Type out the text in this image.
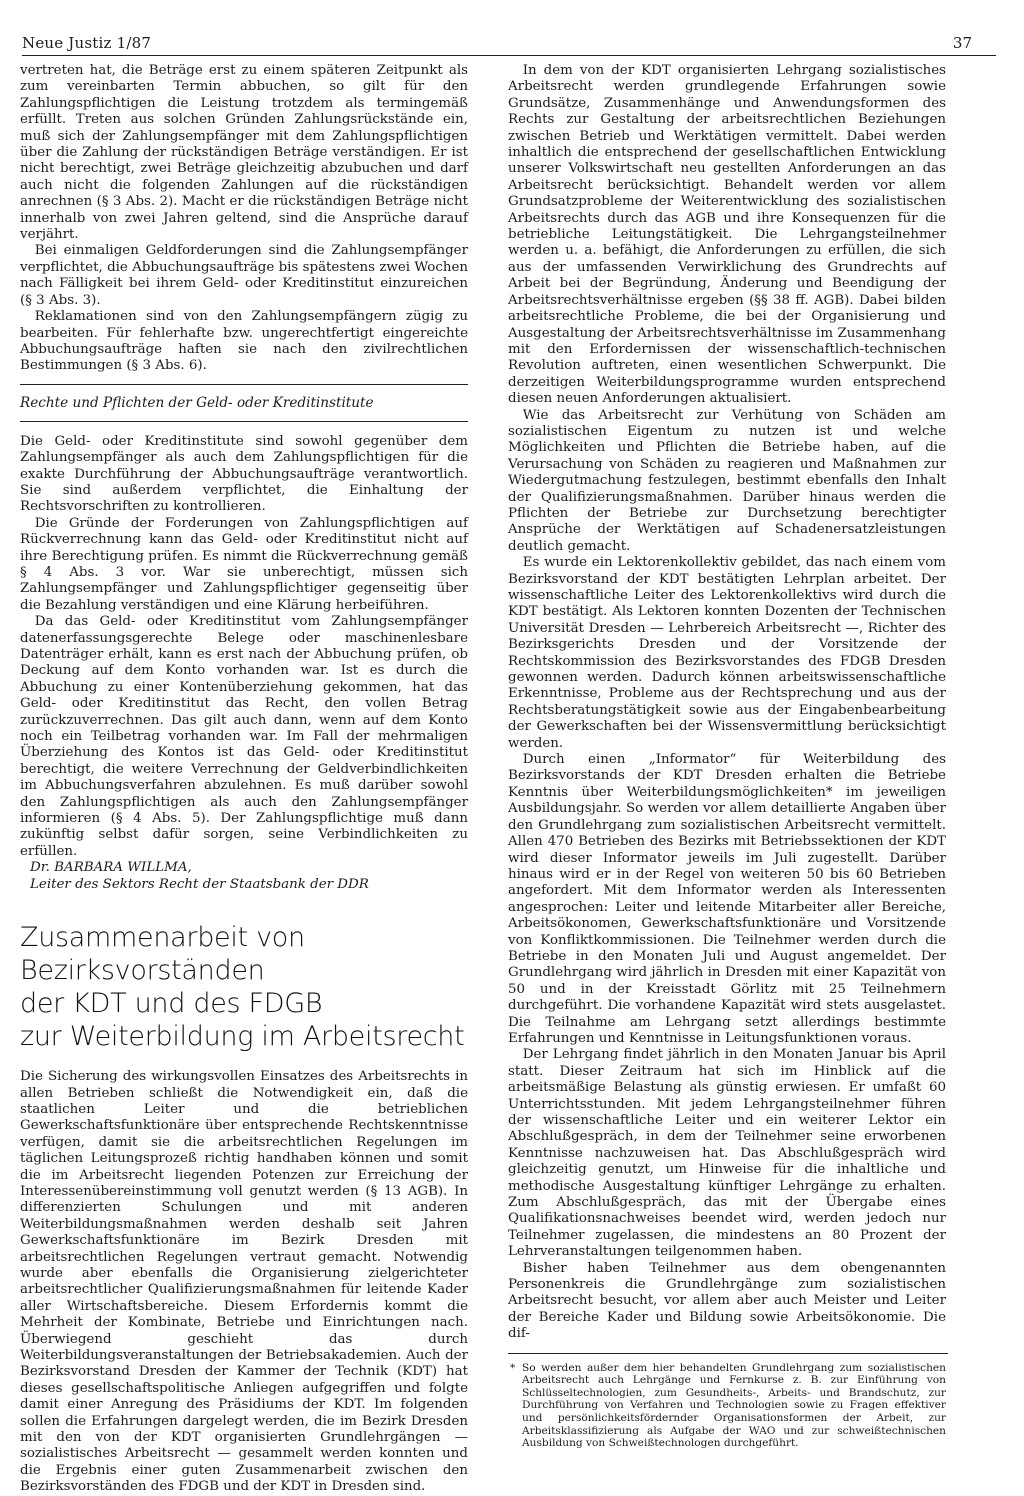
Neue Justiz 1/87	37

vertreten hat, die Beträge erst zu einem späteren Zeitpunkt als zum vereinbarten Termin abbuchen, so gilt für den Zahlungspflichtigen die Leistung trotzdem als termingemäß erfüllt. Treten aus solchen Gründen Zahlungsrückstände ein, muß sich der Zahlungsempfänger mit dem Zahlungspflichtigen über die Zahlung der rückständigen Beträge verständigen. Er ist nicht berechtigt, zwei Beträge gleichzeitig abzubuchen und darf auch nicht die folgenden Zahlungen auf die rückständigen anrechnen (§ 3 Abs. 2). Macht er die rückständigen Beträge nicht innerhalb von zwei Jahren geltend, sind die Ansprüche darauf verjährt.

Bei einmaligen Geldforderungen sind die Zahlungsempfänger verpflichtet, die Abbuchungsaufträge bis spätestens zwei Wochen nach Fälligkeit bei ihrem Geld- oder Kreditinstitut einzureichen (§ 3 Abs. 3).

Reklamationen sind von den Zahlungsempfängern zügig zu bearbeiten. Für fehlerhafte bzw. ungerechtfertigt eingereichte Abbuchungsaufträge haften sie nach den zivilrechtlichen Bestimmungen (§ 3 Abs. 6).

Rechte und Pflichten der Geld- oder Kreditinstitute

Die Geld- oder Kreditinstitute sind sowohl gegenüber dem Zahlungsempfänger als auch dem Zahlungspflichtigen für die exakte Durchführung der Abbuchungsaufträge verantwortlich. Sie sind außerdem verpflichtet, die Einhaltung der Rechtsvorschriften zu kontrollieren.

Die Gründe der Forderungen von Zahlungspflichtigen auf Rückverrechnung kann das Geld- oder Kreditinstitut nicht auf ihre Berechtigung prüfen. Es nimmt die Rückverrechnung gemäß § 4 Abs. 3 vor. War sie unberechtigt, müssen sich Zahlungsempfänger und Zahlungspflichtiger gegenseitig über die Bezahlung verständigen und eine Klärung herbeiführen.

Da das Geld- oder Kreditinstitut vom Zahlungsempfänger datenerfassungsgerechte Belege oder maschinenlesbare Datenträger erhält, kann es erst nach der Abbuchung prüfen, ob Deckung auf dem Konto vorhanden war. Ist es durch die Abbuchung zu einer Kontenüberziehung gekommen, hat das Geld- oder Kreditinstitut das Recht, den vollen Betrag zurückzuverrechnen. Das gilt auch dann, wenn auf dem Konto noch ein Teilbetrag vorhanden war. Im Fall der mehrmaligen Überziehung des Kontos ist das Geld- oder Kreditinstitut berechtigt, die weitere Verrechnung der Geldverbindlichkeiten im Abbuchungsverfahren abzulehnen. Es muß darüber sowohl den Zahlungspflichtigen als auch den Zahlungsempfänger informieren (§ 4 Abs. 5). Der Zahlungspflichtige muß dann zukünftig selbst dafür sorgen, seine Verbindlichkeiten zu erfüllen.

Dr. BARBARA WILLMA,
Leiter des Sektors Recht der Staatsbank der DDR
Zusammenarbeit von Bezirksvorständen
der KDT und des FDGB
zur Weiterbildung im Arbeitsrecht

Die Sicherung des wirkungsvollen Einsatzes des Arbeitsrechts in allen Betrieben schließt die Notwendigkeit ein, daß die staatlichen Leiter und die betrieblichen Gewerkschaftsfunktionäre über entsprechende Rechtskenntnisse verfügen, damit sie die arbeitsrechtlichen Regelungen im täglichen Leitungsprozeß richtig handhaben können und somit die im Arbeitsrecht liegenden Potenzen zur Erreichung der Interessenübereinstimmung voll genutzt werden (§ 13 AGB). In differenzierten Schulungen und mit anderen Weiterbildungsmaßnahmen werden deshalb seit Jahren Gewerkschaftsfunktionäre im Bezirk Dresden mit arbeitsrechtlichen Regelungen vertraut gemacht. Notwendig wurde aber ebenfalls die Organisierung zielgerichteter arbeitsrechtlicher Qualifizierungsmaßnahmen für leitende Kader aller Wirtschaftsbereiche. Diesem Erfordernis kommt die Mehrheit der Kombinate, Betriebe und Einrichtungen nach. Überwiegend geschieht das durch Weiterbildungsveranstaltungen der Betriebsakademien. Auch der Bezirksvorstand Dresden der Kammer der Technik (KDT) hat dieses gesellschaftspolitische Anliegen aufgegriffen und folgte damit einer Anregung des Präsidiums der KDT. Im folgenden sollen die Erfahrungen dargelegt werden, die im Bezirk Dresden mit den von der KDT organisierten Grundlehrgängen — sozialistisches Arbeitsrecht — gesammelt werden konnten und die Ergebnis einer guten Zusammenarbeit zwischen den Bezirksvorständen des FDGB und der KDT in Dresden sind.

In dem von der KDT organisierten Lehrgang sozialistisches Arbeitsrecht werden grundlegende Erfahrungen sowie Grundsätze, Zusammenhänge und Anwendungsformen des Rechts zur Gestaltung der arbeitsrechtlichen Beziehungen zwischen Betrieb und Werktätigen vermittelt. Dabei werden inhaltlich die entsprechend der gesellschaftlichen Entwicklung unserer Volkswirtschaft neu gestellten Anforderungen an das Arbeitsrecht berücksichtigt. Behandelt werden vor allem Grundsatzprobleme der Weiterentwicklung des sozialistischen Arbeitsrechts durch das AGB und ihre Konsequenzen für die betriebliche Leitungstätigkeit. Die Lehrgangsteilnehmer werden u. a. befähigt, die Anforderungen zu erfüllen, die sich aus der umfassenden Verwirklichung des Grundrechts auf Arbeit bei der Begründung, Änderung und Beendigung der Arbeitsrechtsverhältnisse ergeben (§§ 38 ff. AGB). Dabei bilden arbeitsrechtliche Probleme, die bei der Organisierung und Ausgestaltung der Arbeitsrechtsverhältnisse im Zusammenhang mit den Erfordernissen der wissenschaftlich-technischen Revolution auftreten, einen wesentlichen Schwerpunkt. Die derzeitigen Weiterbildungsprogramme wurden entsprechend diesen neuen Anforderungen aktualisiert.

Wie das Arbeitsrecht zur Verhütung von Schäden am sozialistischen Eigentum zu nutzen ist und welche Möglichkeiten und Pflichten die Betriebe haben, auf die Verursachung von Schäden zu reagieren und Maßnahmen zur Wiedergutmachung festzulegen, bestimmt ebenfalls den Inhalt der Qualifizierungsmaßnahmen. Darüber hinaus werden die Pflichten der Betriebe zur Durchsetzung berechtigter Ansprüche der Werktätigen auf Schadenersatzleistungen deutlich gemacht.

Es wurde ein Lektorenkollektiv gebildet, das nach einem vom Bezirksvorstand der KDT bestätigten Lehrplan arbeitet. Der wissenschaftliche Leiter des Lektorenkollektivs wird durch die KDT bestätigt. Als Lektoren konnten Dozenten der Technischen Universität Dresden — Lehrbereich Arbeitsrecht —, Richter des Bezirksgerichts Dresden und der Vorsitzende der Rechtskommission des Bezirksvorstandes des FDGB Dresden gewonnen werden. Dadurch können arbeitswissenschaftliche Erkenntnisse, Probleme aus der Rechtsprechung und aus der Rechtsberatungstätigkeit sowie aus der Eingabenbearbeitung der Gewerkschaften bei der Wissensvermittlung berücksichtigt werden.

Durch einen „Informator“ für Weiterbildung des Bezirksvorstands der KDT Dresden erhalten die Betriebe Kenntnis über Weiterbildungsmöglichkeiten* im jeweiligen Ausbildungsjahr. So werden vor allem detaillierte Angaben über den Grundlehrgang zum sozialistischen Arbeitsrecht vermittelt. Allen 470 Betrieben des Bezirks mit Betriebssektionen der KDT wird dieser Informator jeweils im Juli zugestellt. Darüber hinaus wird er in der Regel von weiteren 50 bis 60 Betrieben angefordert. Mit dem Informator werden als Interessenten angesprochen: Leiter und leitende Mitarbeiter aller Bereiche, Arbeitsökonomen, Gewerkschaftsfunktionäre und Vorsitzende von Konfliktkommissionen. Die Teilnehmer werden durch die Betriebe in den Monaten Juli und August angemeldet. Der Grundlehrgang wird jährlich in Dresden mit einer Kapazität von 50 und in der Kreisstadt Görlitz mit 25 Teilnehmern durchgeführt. Die vorhandene Kapazität wird stets ausgelastet. Die Teilnahme am Lehrgang setzt allerdings bestimmte Erfahrungen und Kenntnisse in Leitungsfunktionen voraus.

Der Lehrgang findet jährlich in den Monaten Januar bis April statt. Dieser Zeitraum hat sich im Hinblick auf die arbeitsmäßige Belastung als günstig erwiesen. Er umfaßt 60 Unterrichtsstunden. Mit jedem Lehrgangsteilnehmer führen der wissenschaftliche Leiter und ein weiterer Lektor ein Abschlußgespräch, in dem der Teilnehmer seine erworbenen Kenntnisse nachzuweisen hat. Das Abschlußgespräch wird gleichzeitig genutzt, um Hinweise für die inhaltliche und methodische Ausgestaltung künftiger Lehrgänge zu erhalten. Zum Abschlußgespräch, das mit der Übergabe eines Qualifikationsnachweises beendet wird, werden jedoch nur Teilnehmer zugelassen, die mindestens an 80 Prozent der Lehrveranstaltungen teilgenommen haben.

Bisher haben Teilnehmer aus dem obengenannten Personenkreis die Grundlehrgänge zum sozialistischen Arbeitsrecht besucht, vor allem aber auch Meister und Leiter der Bereiche Kader und Bildung sowie Arbeitsökonomie. Die dif-

* So werden außer dem hier behandelten Grundlehrgang zum sozialistischen Arbeitsrecht auch Lehrgänge und Fernkurse z. B. zur Einführung von Schlüsseltechnologien, zum Gesundheits-, Arbeits- und Brandschutz, zur Durchführung von Verfahren und Technologien sowie zu Fragen effektiver und persönlichkeitsfördernder Organisationsformen der Arbeit, zur Arbeitsklassifizierung als Aufgabe der WAO und zur schweißtechnischen Ausbildung von Schweißtechnologen durchgeführt.
